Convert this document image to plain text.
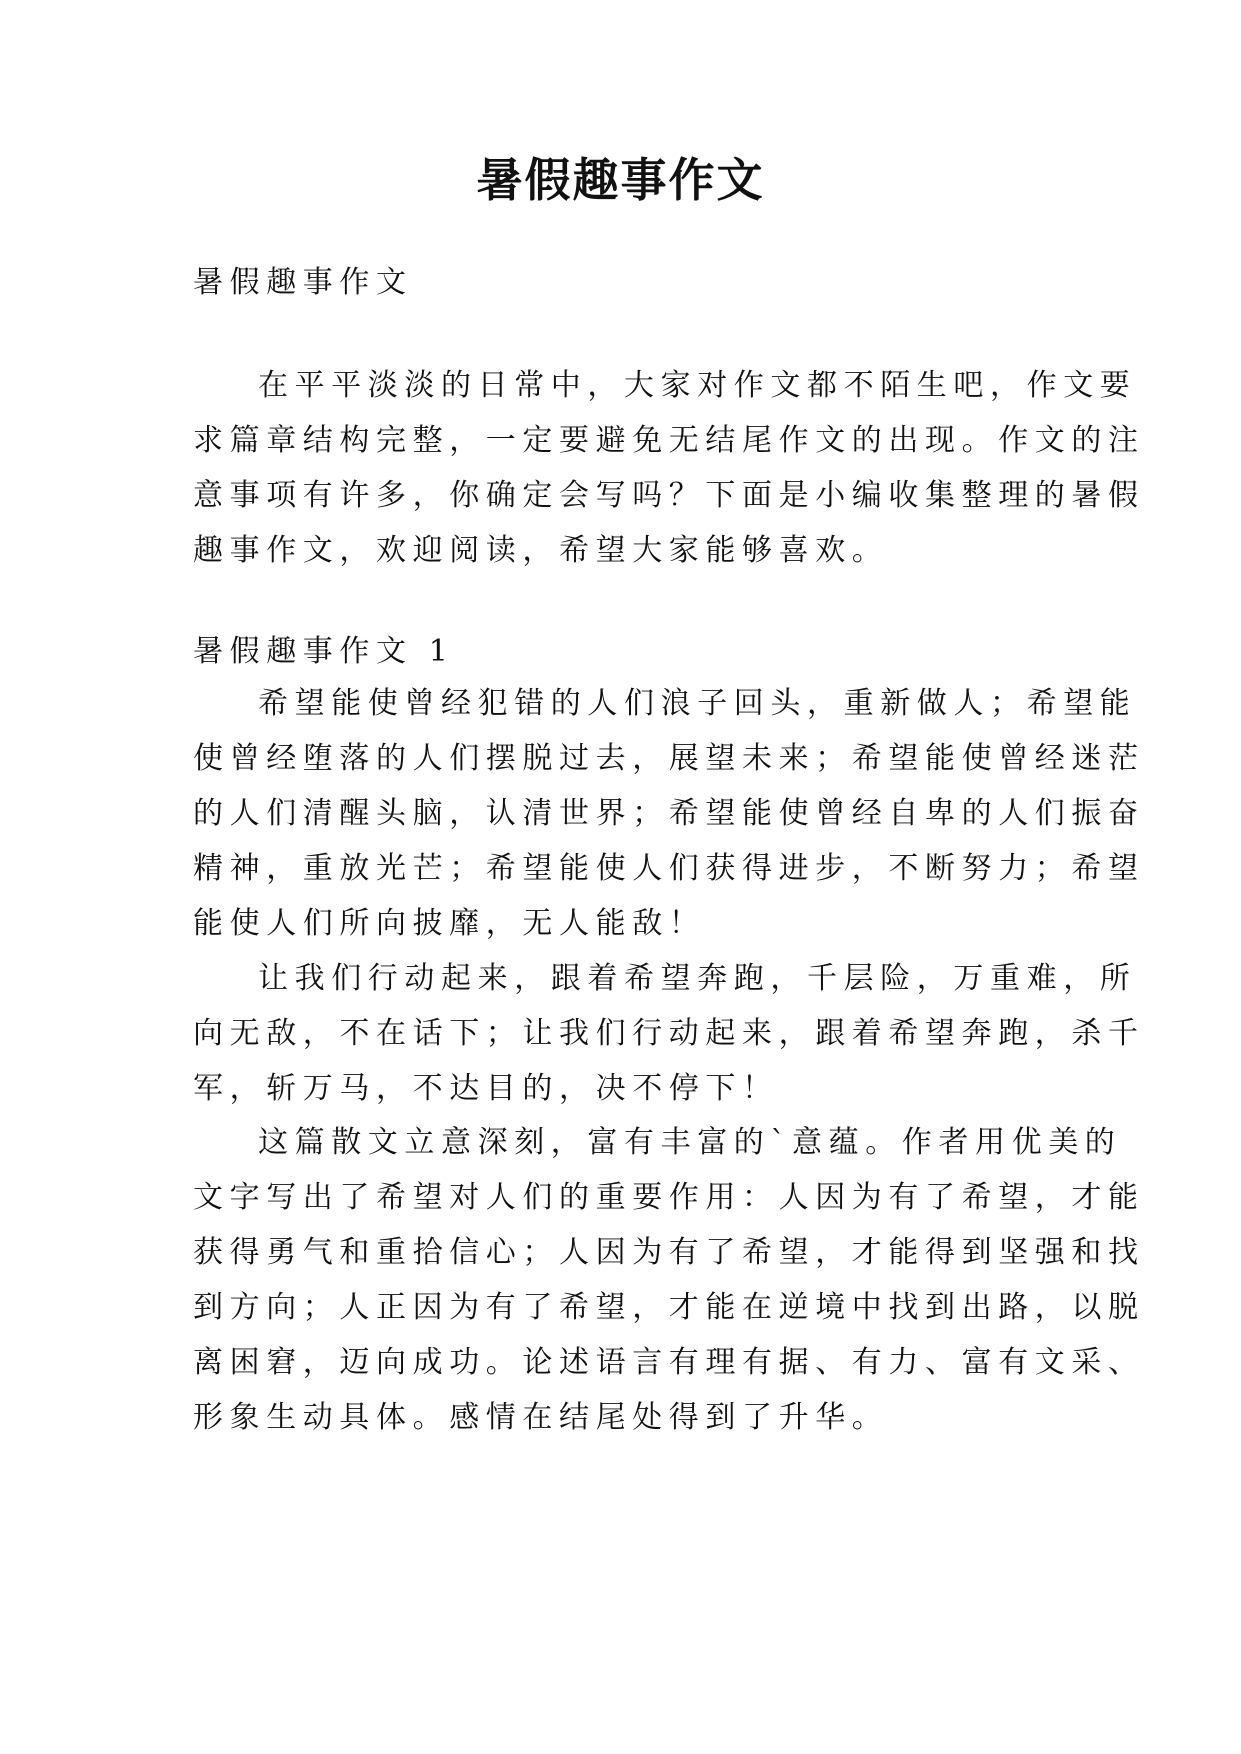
暑假趣事作文
暑假趣事作文
在平平淡淡的日常中，大家对作文都不陌生吧，作文要
求篇章结构完整，一定要避免无结尾作文的出现。作文的注
意事项有许多，你确定会写吗？下面是小编收集整理的暑假
趣事作文，欢迎阅读，希望大家能够喜欢。
暑假趣事作文 1
希望能使曾经犯错的人们浪子回头，重新做人；希望能
使曾经堕落的人们摆脱过去，展望未来；希望能使曾经迷茫
的人们清醒头脑，认清世界；希望能使曾经自卑的人们振奋
精神，重放光芒；希望能使人们获得进步，不断努力；希望
能使人们所向披靡，无人能敌！
让我们行动起来，跟着希望奔跑，千层险，万重难，所
向无敌，不在话下；让我们行动起来，跟着希望奔跑，杀千
军，斩万马，不达目的，决不停下！
这篇散文立意深刻，富有丰富的`意蕴。作者用优美的
文字写出了希望对人们的重要作用：人因为有了希望，才能
获得勇气和重拾信心；人因为有了希望，才能得到坚强和找
到方向；人正因为有了希望，才能在逆境中找到出路，以脱
离困窘，迈向成功。论述语言有理有据、有力、富有文采、
形象生动具体。感情在结尾处得到了升华。
